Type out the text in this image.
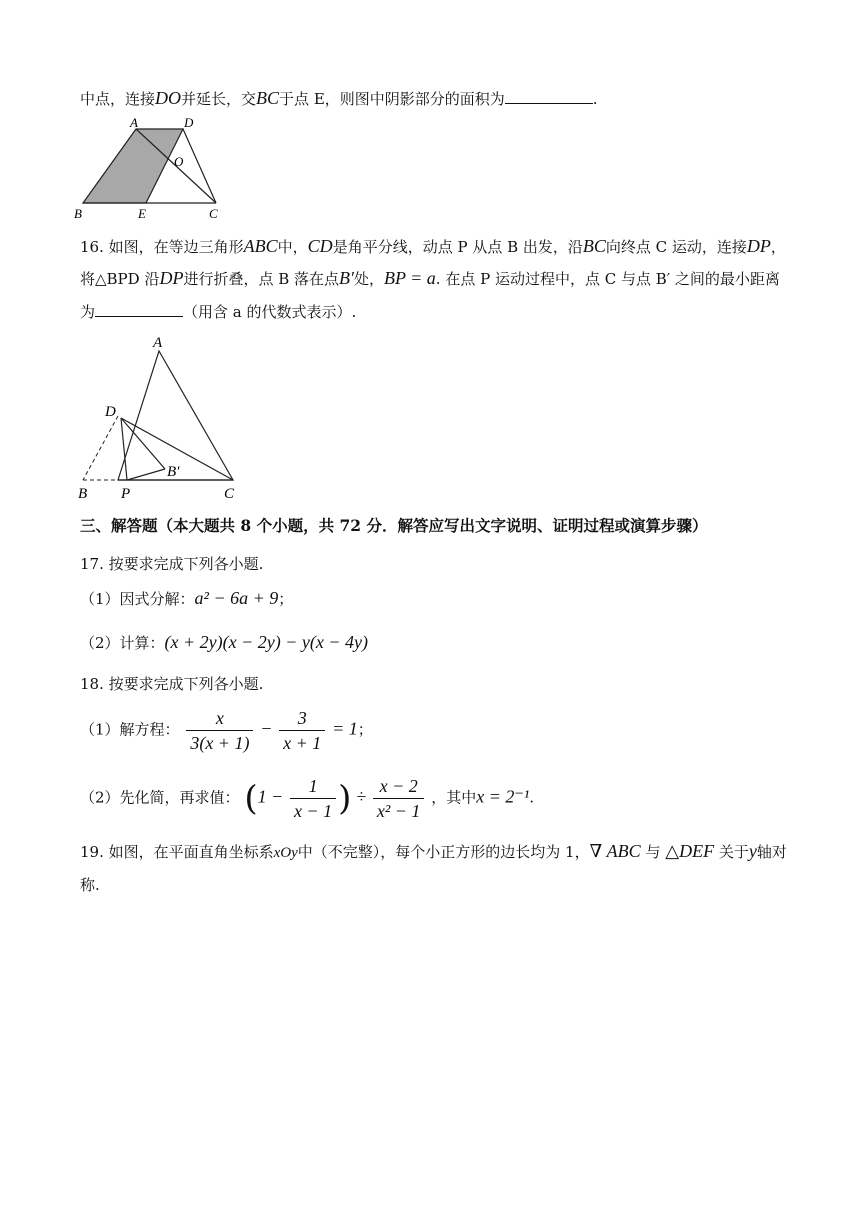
中点，连接DO并延长，交BC于点 E，则图中阴影部分的面积为	.
A	D
O
B	E	C
16. 如图，在等边三角形ABC中，CD是角平分线，动点 P 从点 B 出发，沿BC向终点 C 运动，连接DP，
将△BPD 沿DP进行折叠，点 B 落在点B′处，BP = a. 在点 P 运动过程中，点 C 与点 B′ 之间的最小距离
为	（用含 a 的代数式表示）.
A
D
B′
B P	C
三、解答题（本大题共 8 个小题，共 72 分．解答应写出文字说明、证明过程或演算步骤）
17. 按要求完成下列各小题.
（1）因式分解：a² − 6a + 9；
（2）计算：(x + 2y)(x − 2y) − y(x − 4y)
18. 按要求完成下列各小题.
（1）解方程： $\frac{x}{3(x + 1)} - \frac{3}{x + 1} = 1$；
（2）先化简，再求值： ($1 - \frac{1}{x - 1}$ ) ÷ $\frac{x - 2}{\text{x² − 1}}$ ，其中x = 2⁻¹.
19. 如图，在平面直角坐标系xOy中（不完整），每个小正方形的边长均为 1，∇ ABC 与 △DEF 关于y轴对
称.
